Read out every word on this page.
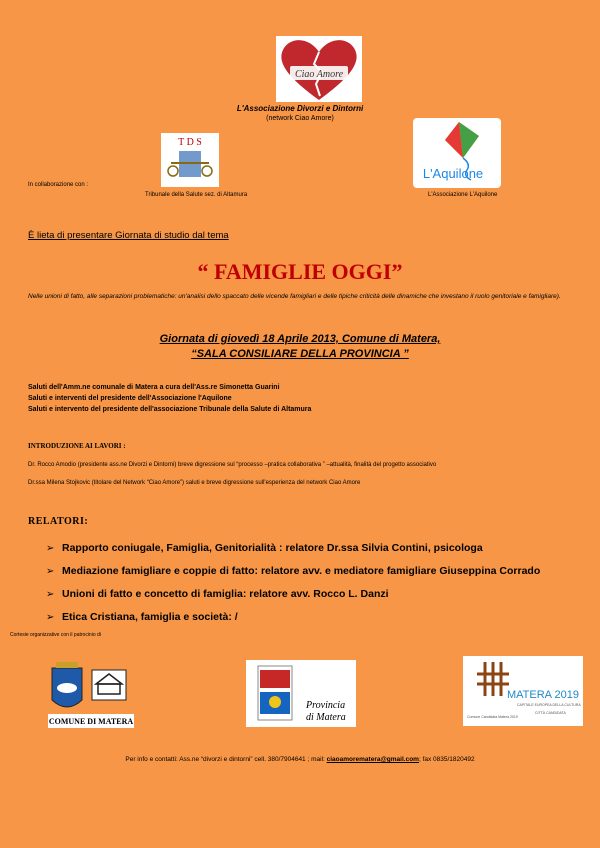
Ciao Amore
L'Associazione Divorzi e Dintorni
(network Ciao Amore)
T D S
L'Aquilone
In collaborazione con :
Tribunale della Salute sez. di Altamura	L'Associazione L'Aquilone
È lieta di presentare Giornata di studio dal tema
“ FAMIGLIE OGGI”
Nelle unioni di fatto, alle separazioni problematiche: un'analisi dello spaccato delle vicende famigliari e delle tipiche criticità delle dinamiche che investano il ruolo genitoriale e famigliare).
Giornata di giovedì 18 Aprile 2013, Comune di Matera,
“SALA CONSILIARE DELLA PROVINCIA ”
Saluti dell'Amm.ne comunale di Matera a cura dell'Ass.re Simonetta Guarini
Saluti e interventi del presidente dell'Associazione l'Aquilone
Saluti e intervento del presidente dell'associazione Tribunale della Salute di Altamura
INTRODUZIONE AI LAVORI :
Dr. Rocco Amodio (presidente ass.ne Divorzi e Dintorni) breve digressione sul “processo –pratica collaborativa ” –attualità, finalità del progetto associativo
Dr.ssa Milena Stojkovic (titolare del Network “Ciao Amore”) saluti e breve digressione sull'esperienza del network Ciao Amore
RELATORI:
➢ Rapporto coniugale, Famiglia, Genitorialità : relatore Dr.ssa Silvia Contini, psicologa
➢ Mediazione famigliare e coppie di fatto: relatore avv. e mediatore famigliare Giuseppina Corrado
➢ Unioni di fatto e concetto di famiglia: relatore avv. Rocco L. Danzi
➢ Etica Cristiana, famiglia e società: /
Cortesie organizzative con il patrocinio di
COMUNE DI MATERA
Provincia
di Matera
MATERA 2019
CAPITALE EUROPEA DELLA CULTURA
Comune Candidata Matera 2019
CITTÀ CANDIDATA
Per info e contatti: Ass.ne “divorzi e dintorni” cell. 380/7904641 ; mail: ciaoamorematera@gmail.com; fax 0835/1820492
